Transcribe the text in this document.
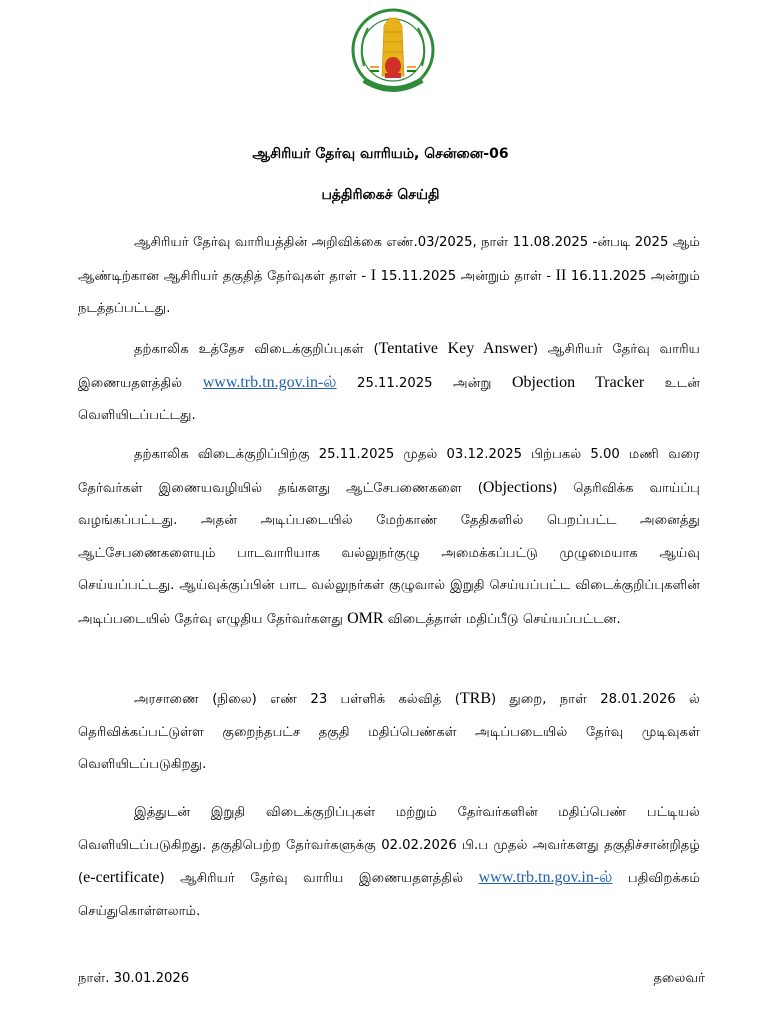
ஆசிரியர் தேர்வு வாரியம், சென்னை-06
பத்திரிகைச் செய்தி
ஆசிரியர் தேர்வு வாரியத்தின் அறிவிக்கை எண்.03/2025, நாள் 11.08.2025 -ன்படி 2025 ஆம் ஆண்டிற்கான ஆசிரியர் தகுதித் தேர்வுகள் தாள் - I 15.11.2025 அன்றும் தாள் - II 16.11.2025 அன்றும் நடத்தப்பட்டது.
தற்காலிக உத்தேச விடைக்குறிப்புகள் (Tentative Key Answer) ஆசிரியர் தேர்வு வாரிய இணையதளத்தில் www.trb.tn.gov.in-ல் 25.11.2025 அன்று Objection Tracker உடன் வெளியிடப்பட்டது.
தற்காலிக விடைக்குறிப்பிற்கு 25.11.2025 முதல் 03.12.2025 பிற்பகல் 5.00 மணி வரை தேர்வர்கள் இணையவழியில் தங்களது ஆட்சேபணைகளை (Objections) தெரிவிக்க வாய்ப்பு வழங்கப்பட்டது. அதன் அடிப்படையில் மேற்காண் தேதிகளில் பெறப்பட்ட அனைத்து ஆட்சேபணைகளையும் பாடவாரியாக வல்லுநர்குழு அமைக்கப்பட்டு முழுமையாக ஆய்வு செய்யப்பட்டது. ஆய்வுக்குப்பின் பாட வல்லுநர்கள் குழுவால் இறுதி செய்யப்பட்ட விடைக்குறிப்புகளின் அடிப்படையில் தேர்வு எழுதிய தேர்வர்களது OMR விடைத்தாள் மதிப்பீடு செய்யப்பட்டன.
அரசாணை (நிலை) எண் 23 பள்ளிக் கல்வித் (TRB) துறை, நாள் 28.01.2026 ல் தெரிவிக்கப்பட்டுள்ள குறைந்தபட்ச தகுதி மதிப்பெண்கள் அடிப்படையில் தேர்வு முடிவுகள் வெளியிடப்படுகிறது.
இத்துடன் இறுதி விடைக்குறிப்புகள் மற்றும் தேர்வர்களின் மதிப்பெண் பட்டியல் வெளியிடப்படுகிறது. தகுதிபெற்ற தேர்வர்களுக்கு 02.02.2026 பி.ப முதல் அவர்களது தகுதிச்சான்றிதழ் (e-certificate) ஆசிரியர் தேர்வு வாரிய இணையதளத்தில் www.trb.tn.gov.in-ல் பதிவிறக்கம் செய்துகொள்ளலாம்.
நாள். 30.01.2026	தலைவர்
